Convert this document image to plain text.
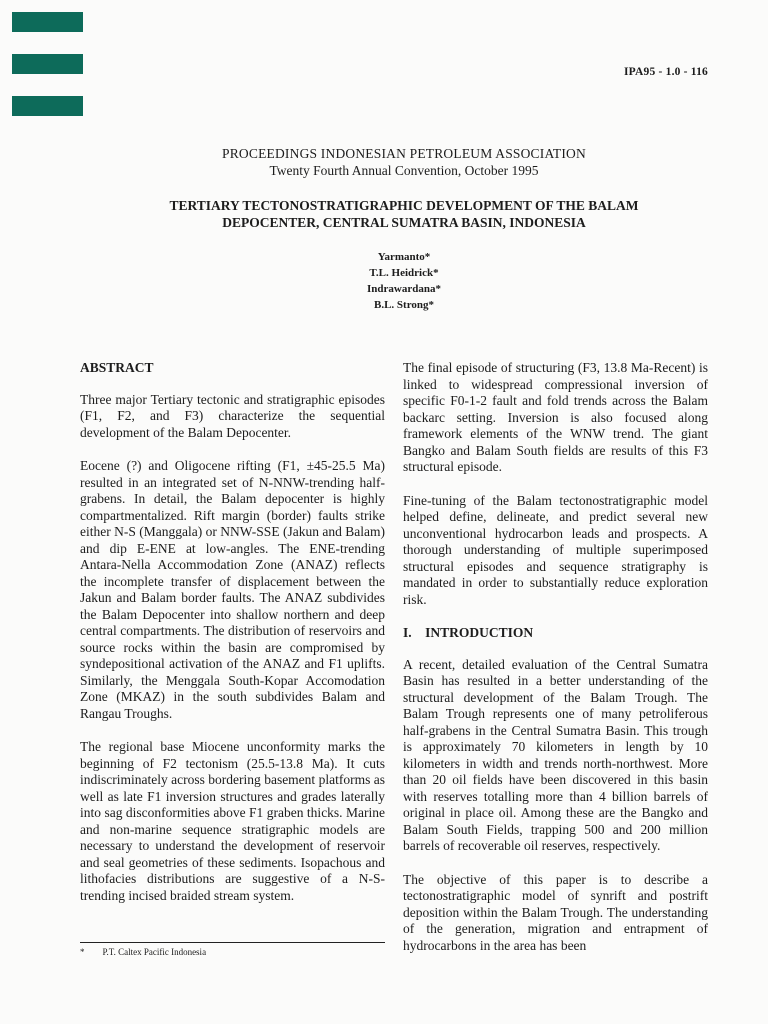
IPA95 - 1.0 - 116
PROCEEDINGS INDONESIAN PETROLEUM ASSOCIATION
Twenty Fourth Annual Convention, October 1995
TERTIARY TECTONOSTRATIGRAPHIC DEVELOPMENT OF THE BALAM
DEPOCENTER, CENTRAL SUMATRA BASIN, INDONESIA
Yarmanto*
T.L. Heidrick*
Indrawardana*
B.L. Strong*
ABSTRACT

Three major Tertiary tectonic and stratigraphic episodes (F1, F2, and F3) characterize the sequential development of the Balam Depocenter.

Eocene (?) and Oligocene rifting (F1, ±45-25.5 Ma) resulted in an integrated set of N-NNW-trending half-grabens. In detail, the Balam depocenter is highly compartmentalized. Rift margin (border) faults strike either N-S (Manggala) or NNW-SSE (Jakun and Balam) and dip E-ENE at low-angles. The ENE-trending Antara-Nella Accommodation Zone (ANAZ) reflects the incomplete transfer of displacement between the Jakun and Balam border faults. The ANAZ subdivides the Balam Depocenter into shallow northern and deep central compartments. The distribution of reservoirs and source rocks within the basin are compromised by syndepositional activation of the ANAZ and F1 uplifts. Similarly, the Menggala South-Kopar Accomodation Zone (MKAZ) in the south subdivides Balam and Rangau Troughs.

The regional base Miocene unconformity marks the beginning of F2 tectonism (25.5-13.8 Ma). It cuts indiscriminately across bordering basement platforms as well as late F1 inversion structures and grades laterally into sag disconformities above F1 graben thicks. Marine and non-marine sequence stratigraphic models are necessary to understand the development of reservoir and seal geometries of these sediments. Isopachous and lithofacies distributions are suggestive of a N-S-trending incised braided stream system.

The final episode of structuring (F3, 13.8 Ma-Recent) is linked to widespread compressional inversion of specific F0-1-2 fault and fold trends across the Balam backarc setting. Inversion is also focused along framework elements of the WNW trend. The giant Bangko and Balam South fields are results of this F3 structural episode.

Fine-tuning of the Balam tectonostratigraphic model helped define, delineate, and predict several new unconventional hydrocarbon leads and prospects. A thorough understanding of multiple superimposed structural episodes and sequence stratigraphy is mandated in order to substantially reduce exploration risk.

I.    INTRODUCTION

A recent, detailed evaluation of the Central Sumatra Basin has resulted in a better understanding of the structural development of the Balam Trough. The Balam Trough represents one of many petroliferous half-grabens in the Central Sumatra Basin. This trough is approximately 70 kilometers in length by 10 kilometers in width and trends north-northwest. More than 20 oil fields have been discovered in this basin with reserves totalling more than 4 billion barrels of original in place oil. Among these are the Bangko and Balam South Fields, trapping 500 and 200 million barrels of recoverable oil reserves, respectively.

The objective of this paper is to describe a tectonostratigraphic model of synrift and postrift deposition within the Balam Trough. The understanding of the generation, migration and entrapment of hydrocarbons in the area has been

* P.T. Caltex Pacific Indonesia
